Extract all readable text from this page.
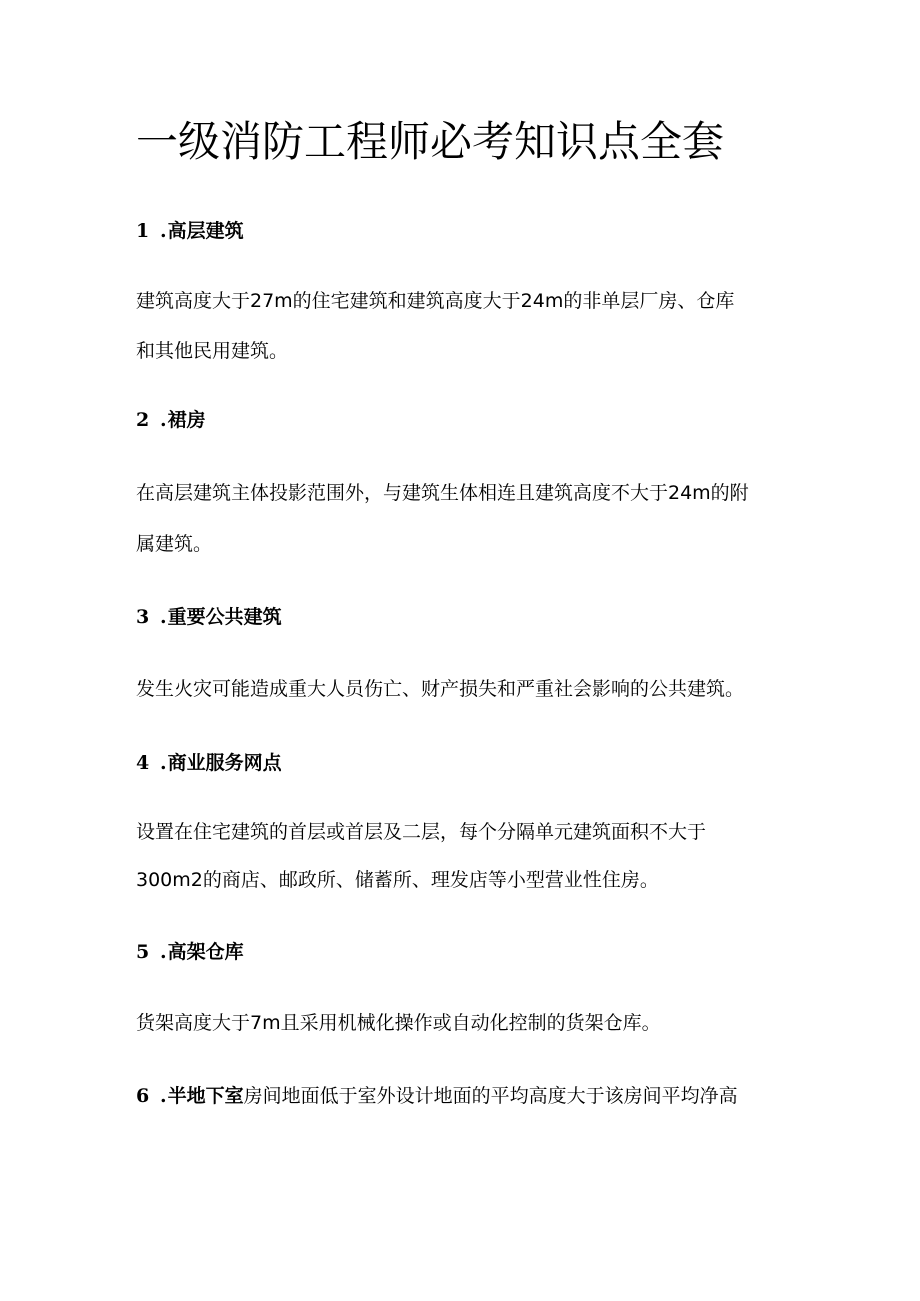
一级消防工程师必考知识点全套
1 .高层建筑
建筑高度大于27m的住宅建筑和建筑高度大于24m的非单层厂房、仓库
和其他民用建筑。
2 .裙房
在高层建筑主体投影范围外，与建筑生体相连且建筑高度不大于24m的附
属建筑。
3 .重要公共建筑
发生火灾可能造成重大人员伤亡、财产损失和严重社会影响的公共建筑。
4 .商业服务网点
设置在住宅建筑的首层或首层及二层，每个分隔单元建筑面积不大于
300m2的商店、邮政所、储蓄所、理发店等小型营业性住房。
5 .高架仓库
货架高度大于7m且采用机械化操作或自动化控制的货架仓库。
6 .半地下室房间地面低于室外设计地面的平均高度大于该房间平均净高
